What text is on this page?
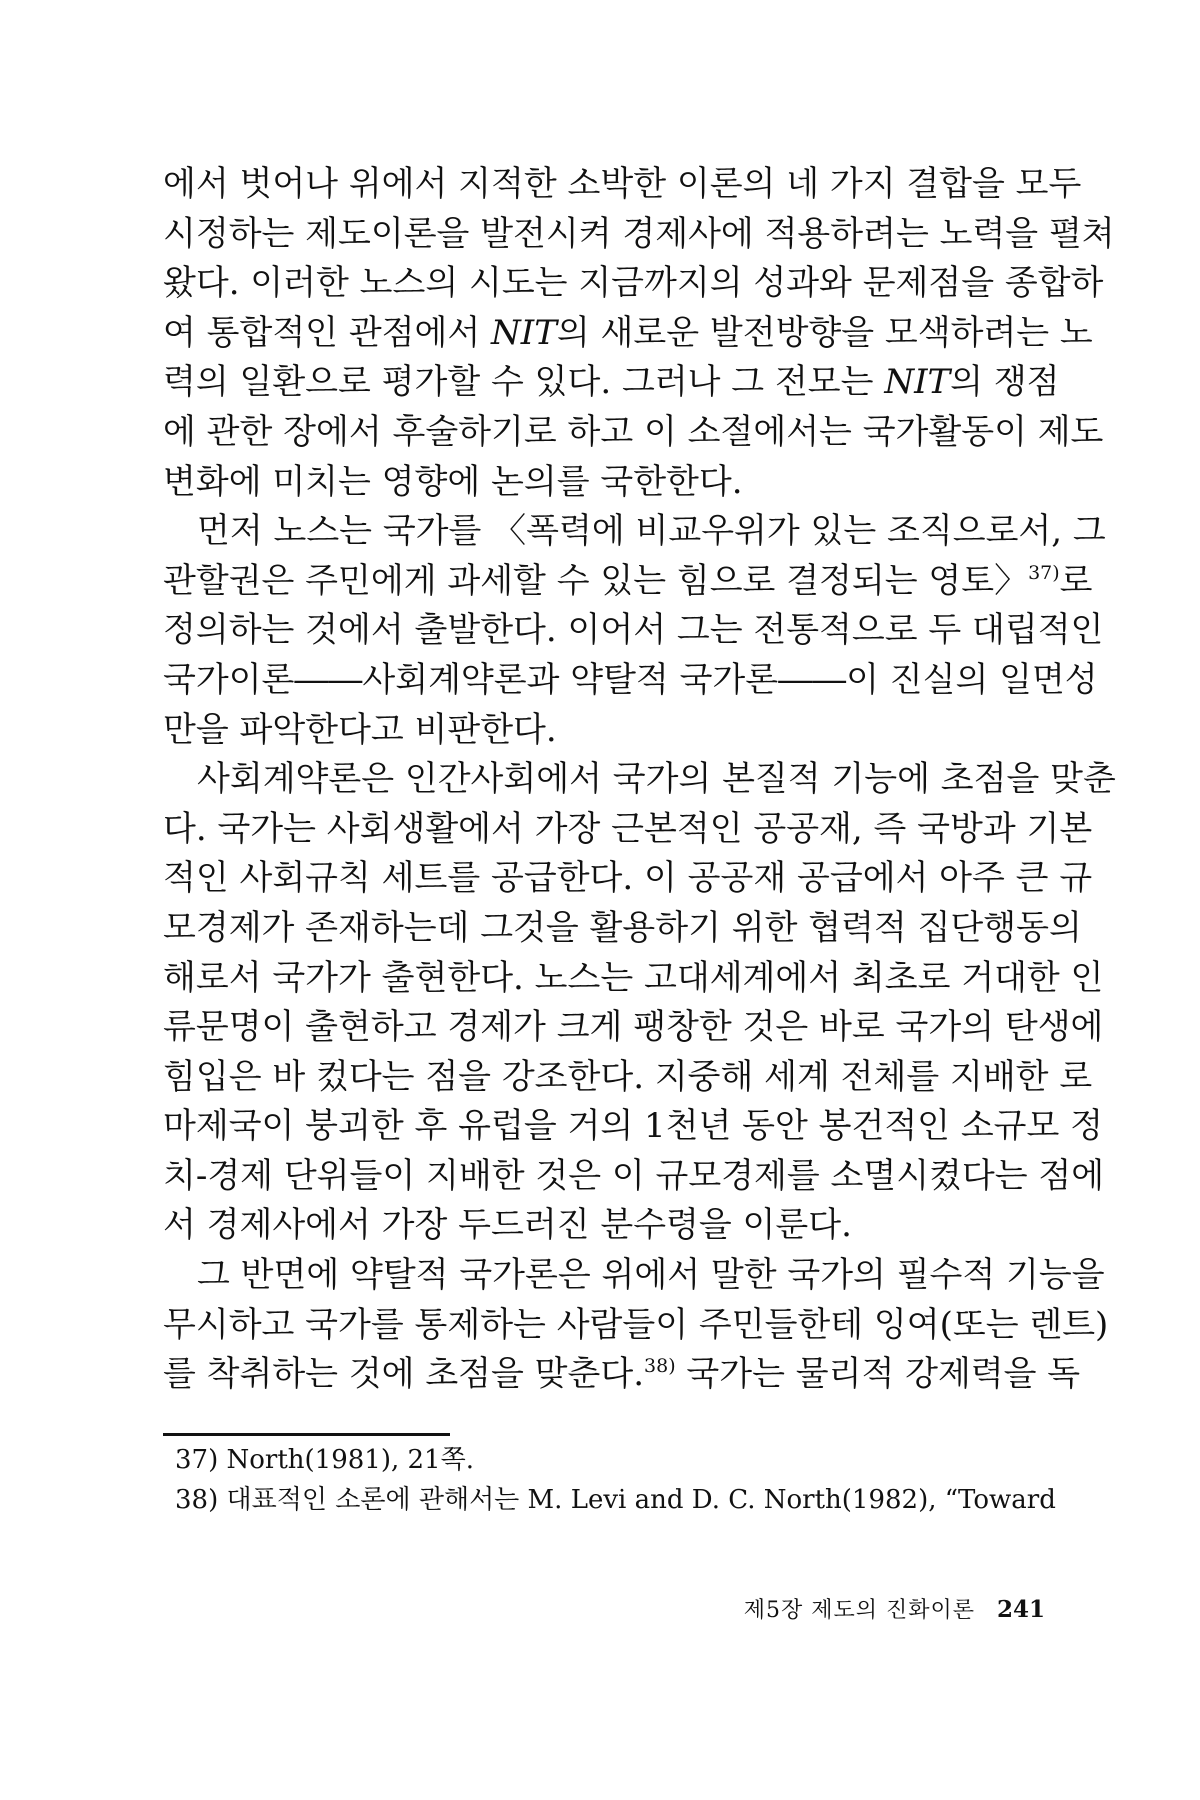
에서 벗어나 위에서 지적한 소박한 이론의 네 가지 결합을 모두
시정하는 제도이론을 발전시켜 경제사에 적용하려는 노력을 펼쳐
왔다. 이러한 노스의 시도는 지금까지의 성과와 문제점을 종합하
여 통합적인 관점에서 NIT의 새로운 발전방향을 모색하려는 노
력의 일환으로 평가할 수 있다. 그러나 그 전모는 NIT의 쟁점
에 관한 장에서 후술하기로 하고 이 소절에서는 국가활동이 제도
변화에 미치는 영향에 논의를 국한한다.
먼저 노스는 국가를 〈폭력에 비교우위가 있는 조직으로서, 그
관할권은 주민에게 과세할 수 있는 힘으로 결정되는 영토〉$^{37)}$로
정의하는 것에서 출발한다. 이어서 그는 전통적으로 두 대립적인
국가이론――사회계약론과 약탈적 국가론――이 진실의 일면성
만을 파악한다고 비판한다.
사회계약론은 인간사회에서 국가의 본질적 기능에 초점을 맞춘
다. 국가는 사회생활에서 가장 근본적인 공공재, 즉 국방과 기본
적인 사회규칙 세트를 공급한다. 이 공공재 공급에서 아주 큰 규
모경제가 존재하는데 그것을 활용하기 위한 협력적 집단행동의
해로서 국가가 출현한다. 노스는 고대세계에서 최초로 거대한 인
류문명이 출현하고 경제가 크게 팽창한 것은 바로 국가의 탄생에
힘입은 바 컸다는 점을 강조한다. 지중해 세계 전체를 지배한 로
마제국이 붕괴한 후 유럽을 거의 1천년 동안 봉건적인 소규모 정
치-경제 단위들이 지배한 것은 이 규모경제를 소멸시켰다는 점에
서 경제사에서 가장 두드러진 분수령을 이룬다.
그 반면에 약탈적 국가론은 위에서 말한 국가의 필수적 기능을
무시하고 국가를 통제하는 사람들이 주민들한테 잉여(또는 렌트)
를 착취하는 것에 초점을 맞춘다.$^{38)}$ 국가는 물리적 강제력을 독
37) North(1981), 21쪽.
38) 대표적인 소론에 관해서는 M. Levi and D. C. North(1982), “Toward
제5장 제도의 진화이론 241
